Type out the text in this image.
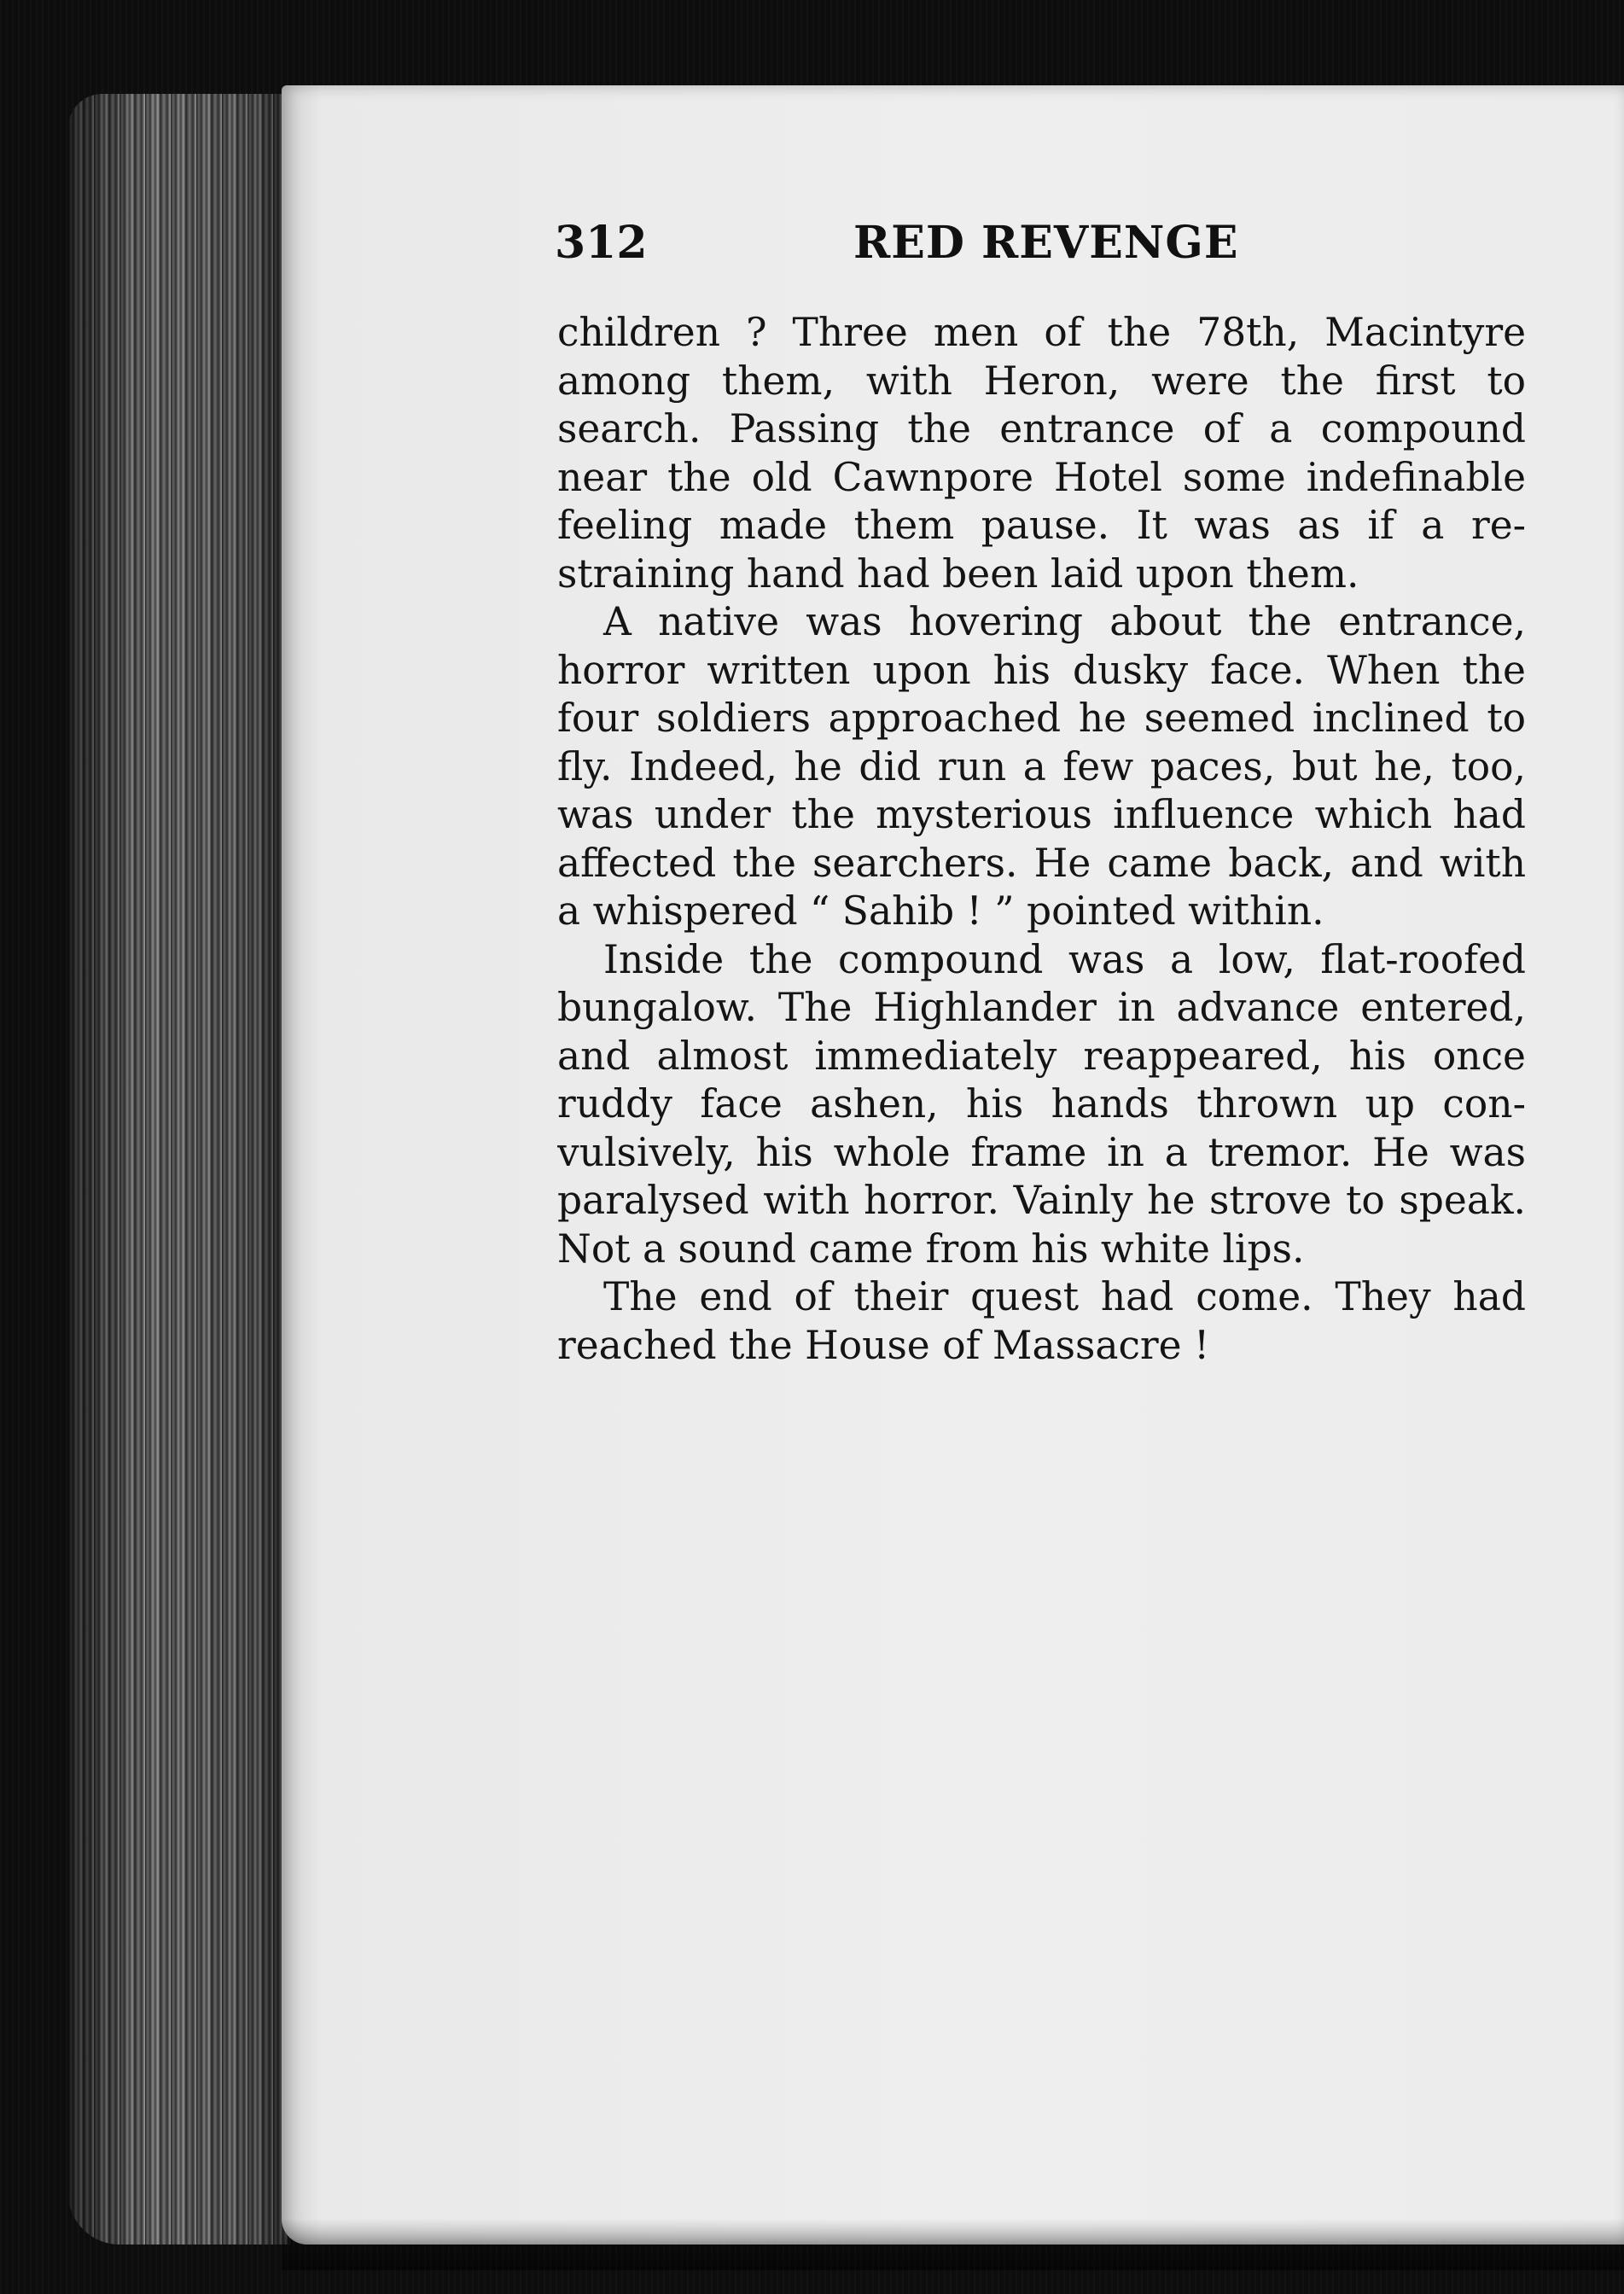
312	RED REVENGE
children ? Three men of the 78th, Macintyre
among them, with Heron, were the first to
search. Passing the entrance of a compound
near the old Cawnpore Hotel some indefinable
feeling made them pause. It was as if a re-
straining hand had been laid upon them.
A native was hovering about the entrance,
horror written upon his dusky face. When the
four soldiers approached he seemed inclined to
fly. Indeed, he did run a few paces, but he, too,
was under the mysterious influence which had
affected the searchers. He came back, and with
a whispered “ Sahib ! ” pointed within.
Inside the compound was a low, flat-roofed
bungalow. The Highlander in advance entered,
and almost immediately reappeared, his once
ruddy face ashen, his hands thrown up con-
vulsively, his whole frame in a tremor. He was
paralysed with horror. Vainly he strove to speak.
Not a sound came from his white lips.
The end of their quest had come. They had
reached the House of Massacre !
